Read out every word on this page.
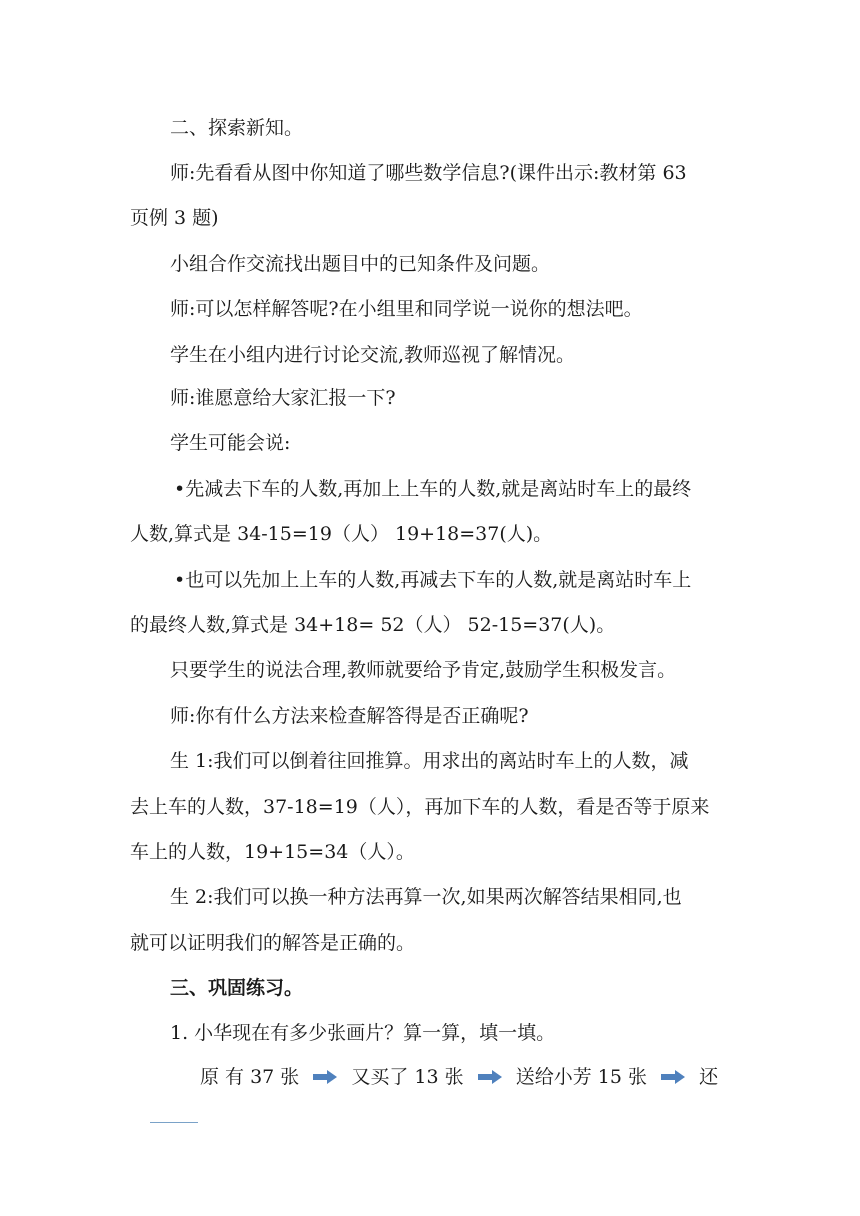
二、探索新知。
师:先看看从图中你知道了哪些数学信息?(课件出示:教材第 63
页例 3 题)
小组合作交流找出题目中的已知条件及问题。
师:可以怎样解答呢?在小组里和同学说一说你的想法吧。
学生在小组内进行讨论交流,教师巡视了解情况。
师:谁愿意给大家汇报一下?
学生可能会说:
•先减去下车的人数,再加上上车的人数,就是离站时车上的最终
人数,算式是 34-15=19（人） 19+18=37(人)。
•也可以先加上上车的人数,再减去下车的人数,就是离站时车上
的最终人数,算式是 34+18= 52（人） 52-15=37(人)。
只要学生的说法合理,教师就要给予肯定,鼓励学生积极发言。
师:你有什么方法来检查解答得是否正确呢?
生 1:我们可以倒着往回推算。用求出的离站时车上的人数，减
去上车的人数，37-18=19（人），再加下车的人数，看是否等于原来
车上的人数，19+15=34（人）。
生 2:我们可以换一种方法再算一次,如果两次解答结果相同,也
就可以证明我们的解答是正确的。
三、巩固练习。
1. 小华现在有多少张画片？算一算，填一填。
原 有 37 张	又买了 13 张	送给小芳 15 张	还
